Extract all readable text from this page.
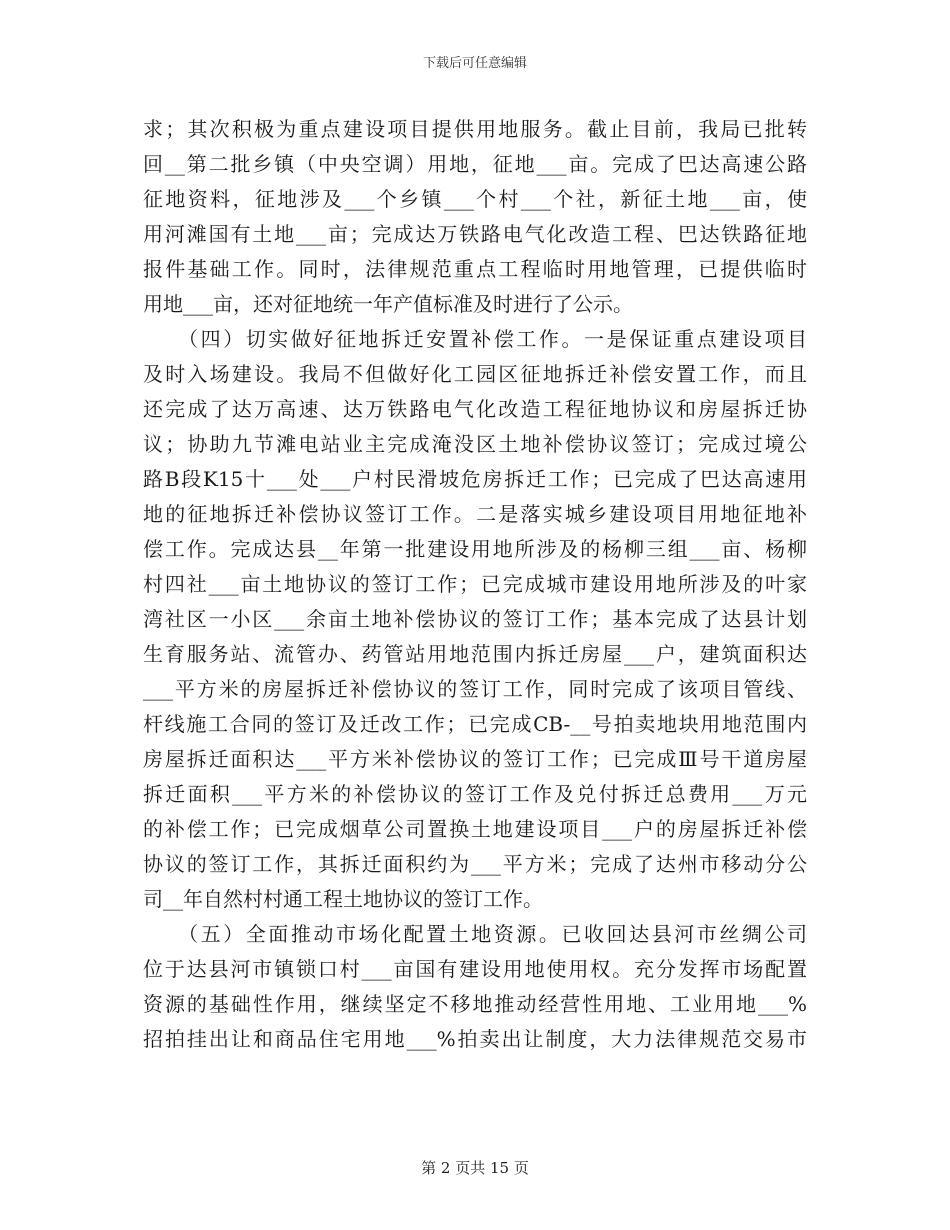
下载后可任意编辑
求；其次积极为重点建设项目提供用地服务。截止目前，我局已批转
回__第二批乡镇（中央空调）用地，征地___亩。完成了巴达高速公路
征地资料，征地涉及___个乡镇___个村___个社，新征土地___亩，使
用河滩国有土地___亩；完成达万铁路电气化改造工程、巴达铁路征地
报件基础工作。同时，法律规范重点工程临时用地管理，已提供临时
用地___亩，还对征地统一年产值标准及时进行了公示。
　　（四）切实做好征地拆迁安置补偿工作。一是保证重点建设项目
及时入场建设。我局不但做好化工园区征地拆迁补偿安置工作，而且
还完成了达万高速、达万铁路电气化改造工程征地协议和房屋拆迁协
议；协助九节滩电站业主完成淹没区土地补偿协议签订；完成过境公
路B段K15十___处___户村民滑坡危房拆迁工作；已完成了巴达高速用
地的征地拆迁补偿协议签订工作。二是落实城乡建设项目用地征地补
偿工作。完成达县__年第一批建设用地所涉及的杨柳三组___亩、杨柳
村四社___亩土地协议的签订工作；已完成城市建设用地所涉及的叶家
湾社区一小区___余亩土地补偿协议的签订工作；基本完成了达县计划
生育服务站、流管办、药管站用地范围内拆迁房屋___户，建筑面积达
___平方米的房屋拆迁补偿协议的签订工作，同时完成了该项目管线、
杆线施工合同的签订及迁改工作；已完成CB-__号拍卖地块用地范围内
房屋拆迁面积达___平方米补偿协议的签订工作；已完成Ⅲ号干道房屋
拆迁面积___平方米的补偿协议的签订工作及兑付拆迁总费用___万元
的补偿工作；已完成烟草公司置换土地建设项目___户的房屋拆迁补偿
协议的签订工作，其拆迁面积约为___平方米；完成了达州市移动分公
司__年自然村村通工程土地协议的签订工作。
　　（五）全面推动市场化配置土地资源。已收回达县河市丝绸公司
位于达县河市镇锁口村___亩国有建设用地使用权。充分发挥市场配置
资源的基础性作用，继续坚定不移地推动经营性用地、工业用地___%
招拍挂出让和商品住宅用地___%拍卖出让制度，大力法律规范交易市
第 2 页共 15 页
